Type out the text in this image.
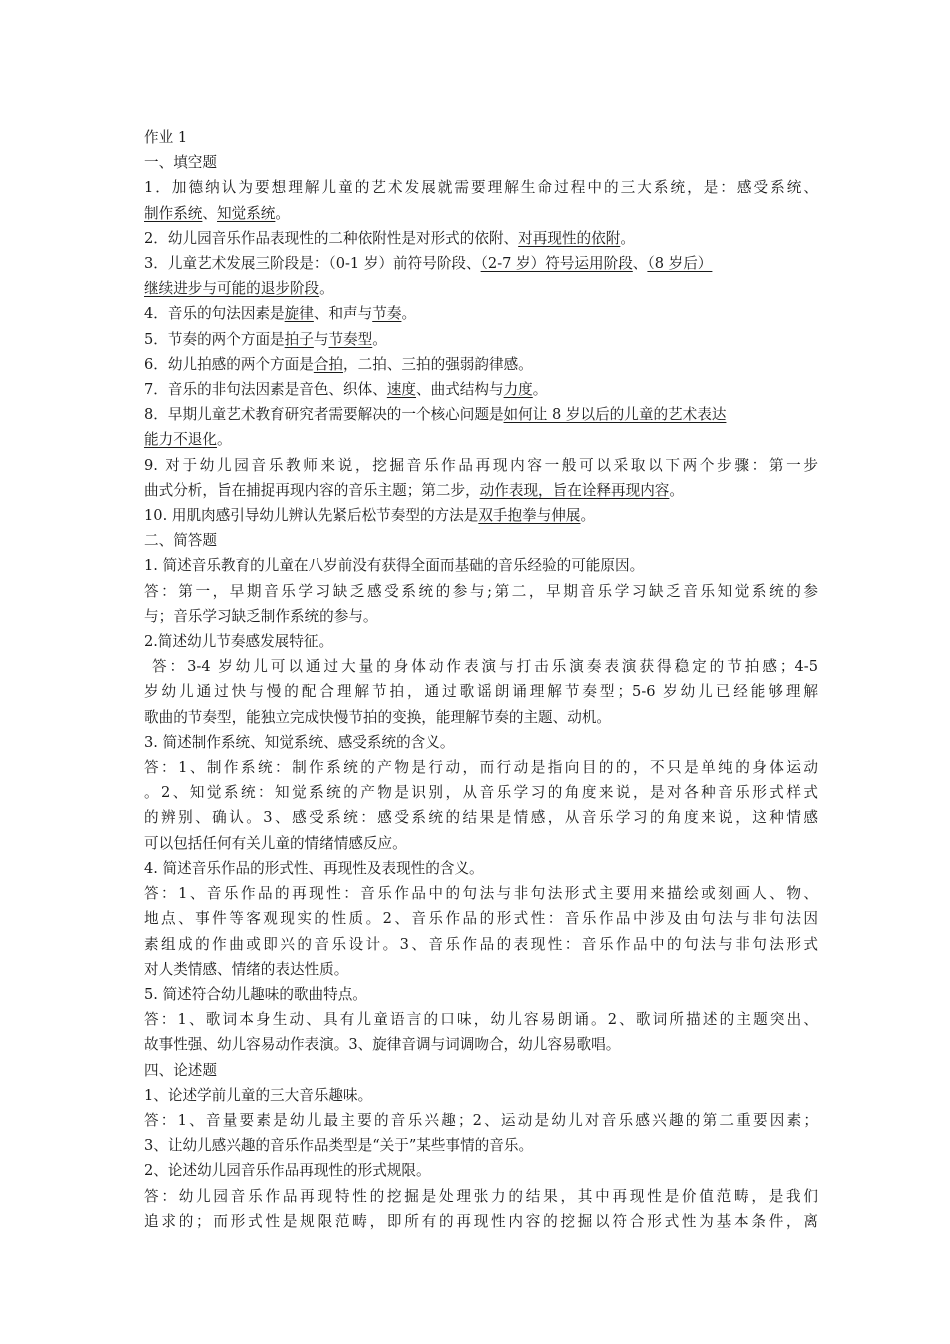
作业 1
一、填空题
1．加德纳认为要想理解儿童的艺术发展就需要理解生命过程中的三大系统，是：感受系统、
制作系统、知觉系统。
2．幼儿园音乐作品表现性的二种依附性是对形式的依附、对再现性的依附。
3．儿童艺术发展三阶段是：（0-1 岁）前符号阶段、（2-7 岁）符号运用阶段、（8 岁后）
继续进步与可能的退步阶段。
4．音乐的句法因素是旋律、和声与节奏。
5．节奏的两个方面是拍子与节奏型。
6．幼儿拍感的两个方面是合拍，二拍、三拍的强弱韵律感。
7．音乐的非句法因素是音色、织体、速度、曲式结构与力度。
8．早期儿童艺术教育研究者需要解决的一个核心问题是如何让 8 岁以后的儿童的艺术表达
能力不退化。
9. 对于幼儿园音乐教师来说，挖掘音乐作品再现内容一般可以采取以下两个步骤：第一步
曲式分析，旨在捕捉再现内容的音乐主题；第二步，动作表现，旨在诠释再现内容。
10. 用肌肉感引导幼儿辨认先紧后松节奏型的方法是双手抱拳与伸展。
二、简答题
1. 简述音乐教育的儿童在八岁前没有获得全面而基础的音乐经验的可能原因。
答：第一，早期音乐学习缺乏感受系统的参与;第二，早期音乐学习缺乏音乐知觉系统的参
与；音乐学习缺乏制作系统的参与。
2.简述幼儿节奏感发展特征。
答：3-4 岁幼儿可以通过大量的身体动作表演与打击乐演奏表演获得稳定的节拍感；4-5
岁幼儿通过快与慢的配合理解节拍，通过歌谣朗诵理解节奏型；5-6 岁幼儿已经能够理解
歌曲的节奏型，能独立完成快慢节拍的变换，能理解节奏的主题、动机。
3. 简述制作系统、知觉系统、感受系统的含义。
答：1、制作系统：制作系统的产物是行动，而行动是指向目的的，不只是单纯的身体运动
。2、知觉系统：知觉系统的产物是识别，从音乐学习的角度来说，是对各种音乐形式样式
的辨别、确认。3、感受系统：感受系统的结果是情感，从音乐学习的角度来说，这种情感
可以包括任何有关儿童的情绪情感反应。
4. 简述音乐作品的形式性、再现性及表现性的含义。
答：1、音乐作品的再现性：音乐作品中的句法与非句法形式主要用来描绘或刻画人、物、
地点、事件等客观现实的性质。2、音乐作品的形式性：音乐作品中涉及由句法与非句法因
素组成的作曲或即兴的音乐设计。3、音乐作品的表现性：音乐作品中的句法与非句法形式
对人类情感、情绪的表达性质。
5. 简述符合幼儿趣味的歌曲特点。
答：1、歌词本身生动、具有儿童语言的口味，幼儿容易朗诵。2、歌词所描述的主题突出、
故事性强、幼儿容易动作表演。3、旋律音调与词调吻合，幼儿容易歌唱。
四、论述题
1、论述学前儿童的三大音乐趣味。
答：1、音量要素是幼儿最主要的音乐兴趣；2、运动是幼儿对音乐感兴趣的第二重要因素；
3、让幼儿感兴趣的音乐作品类型是“关于”某些事情的音乐。
2、论述幼儿园音乐作品再现性的形式规限。
答：幼儿园音乐作品再现特性的挖掘是处理张力的结果，其中再现性是价值范畴，是我们
追求的；而形式性是规限范畴，即所有的再现性内容的挖掘以符合形式性为基本条件，离
